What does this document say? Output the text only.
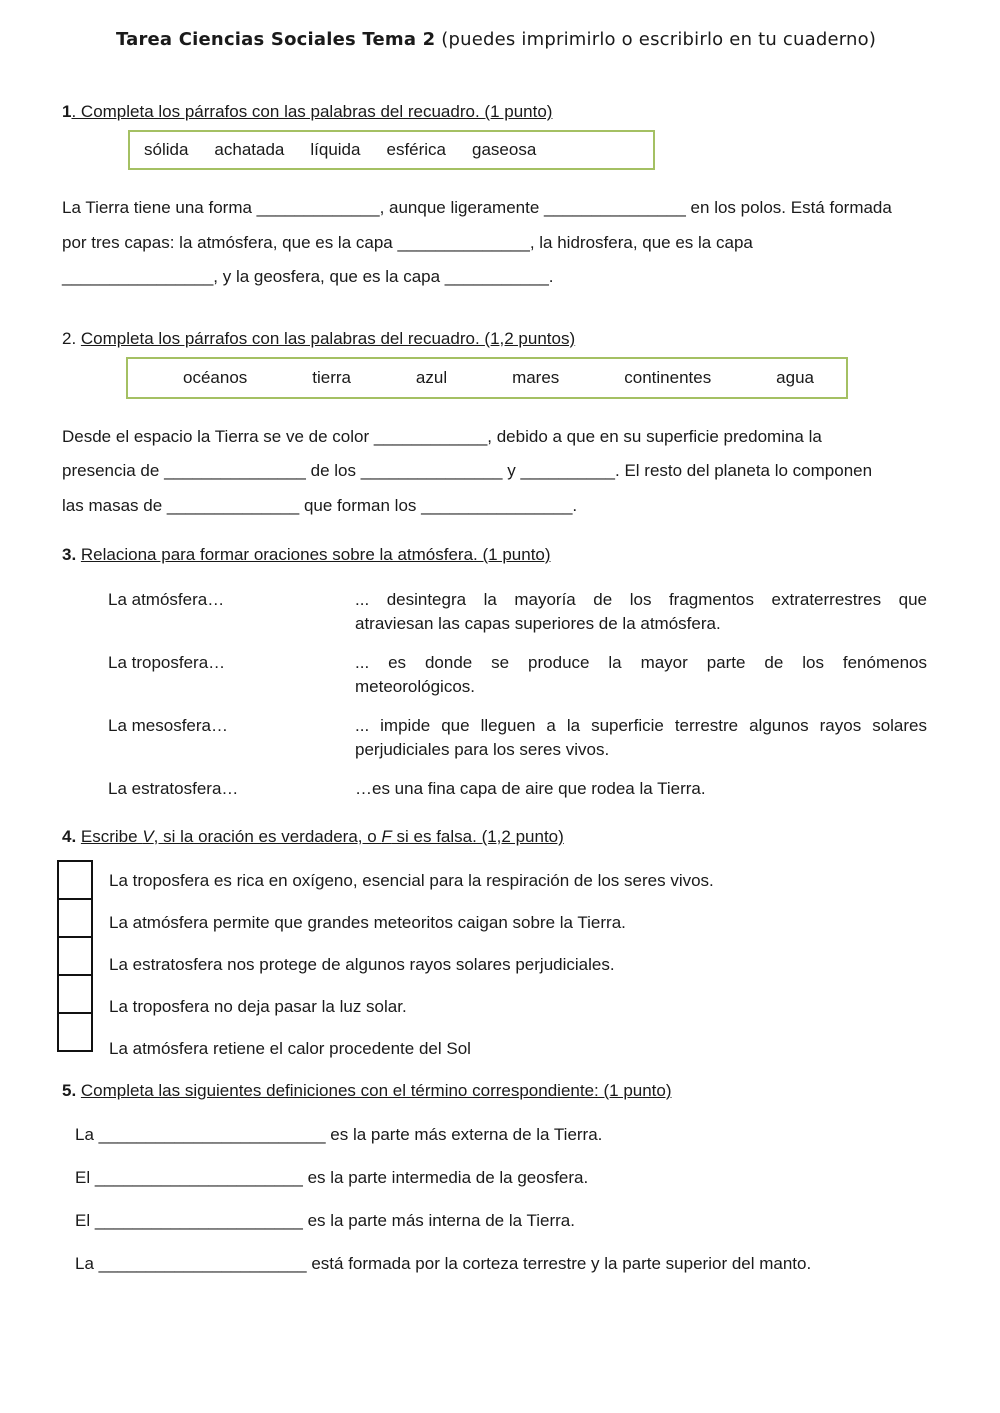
Tarea Ciencias Sociales Tema 2 (puedes imprimirlo o escribirlo en tu cuaderno)
1. Completa los párrafos con las palabras del recuadro. (1 punto)
sólida achatada líquida esférica gaseosa
La Tierra tiene una forma _____________, aunque ligeramente _______________ en los polos. Está formada
por tres capas: la atmósfera, que es la capa ______________, la hidrosfera, que es la capa
________________, y la geosfera, que es la capa ___________.
2. Completa los párrafos con las palabras del recuadro. (1,2 puntos)
océanos	tierra	azul	mares	continentes	agua
Desde el espacio la Tierra se ve de color ____________, debido a que en su superficie predomina la
presencia de _______________ de los _______________ y __________. El resto del planeta lo componen
las masas de ______________ que forman los ________________.
3. Relaciona para formar oraciones sobre la atmósfera. (1 punto)
La atmósfera…	... desintegra la mayoría de los fragmentos extraterrestres que
atraviesan las capas superiores de la atmósfera.
La troposfera…	... es donde se produce la mayor parte de los fenómenos
meteorológicos.
La mesosfera…	... impide que lleguen a la superficie terrestre algunos rayos solares
perjudiciales para los seres vivos.
La estratosfera…	…es una fina capa de aire que rodea la Tierra.
4. Escribe V, si la oración es verdadera, o F si es falsa. (1,2 punto)
La troposfera es rica en oxígeno, esencial para la respiración de los seres vivos.
La atmósfera permite que grandes meteoritos caigan sobre la Tierra.
La estratosfera nos protege de algunos rayos solares perjudiciales.
La troposfera no deja pasar la luz solar.
La atmósfera retiene el calor procedente del Sol
5. Completa las siguientes definiciones con el término correspondiente: (1 punto)
La ________________________ es la parte más externa de la Tierra.
El ______________________ es la parte intermedia de la geosfera.
El ______________________ es la parte más interna de la Tierra.
La ______________________ está formada por la corteza terrestre y la parte superior del manto.
